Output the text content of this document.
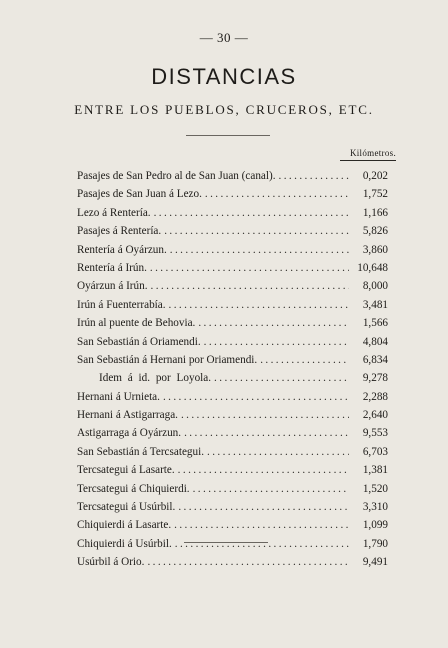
— 30 —
DISTANCIAS
ENTRE LOS PUEBLOS, CRUCEROS, ETC.
Kilómetros.
Pasajes de San Pedro al de San Juan (canal). .....	0,202
Pasajes de San Juan á Lezo. .....	1,752
Lezo á Rentería. .....	1,166
Pasajes á Rentería. .....	5,826
Rentería á Oyárzun. .....	3,860
Rentería á Irún. .....	10,648
Oyárzun á Irún. .....	8,000
Irún á Fuenterrabía. .....	3,481
Irún al puente de Behovia. .....	1,566
San Sebastián á Oriamendi. .....	4,804
San Sebastián á Hernani por Oriamendi. .....	6,834
Idem á id. por Loyola. .....	9,278
Hernani á Urnieta. .....	2,288
Hernani á Astigarraga. .....	2,640
Astigarraga á Oyárzun. .....	9,553
San Sebastián á Tercsategui. .....	6,703
Tercsategui á Lasarte. .....	1,381
Tercsategui á Chiquierdi. .....	1,520
Tercsategui á Usúrbil. .....	3,310
Chiquierdi á Lasarte. .....	1,099
Chiquierdi á Usúrbil. .....	1,790
Usúrbil á Orio. .....	9,491
